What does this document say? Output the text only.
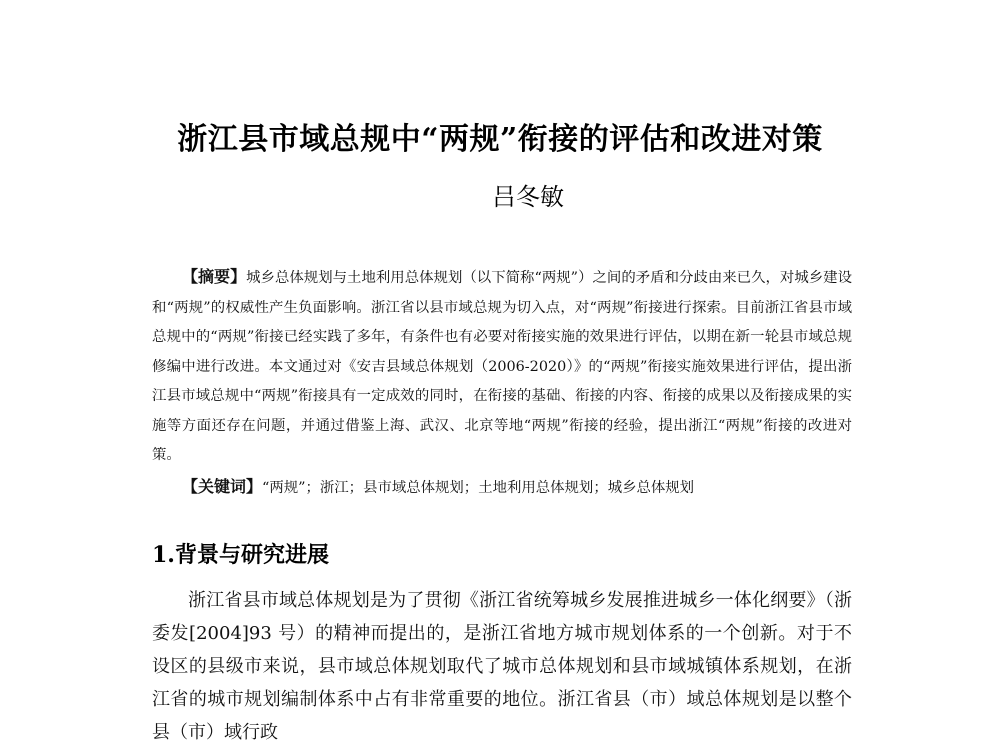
浙江县市域总规中“两规”衔接的评估和改进对策
吕冬敏
【摘要】城乡总体规划与土地利用总体规划（以下简称“两规”）之间的矛盾和分歧由来已久，对城乡建设和“两规”的权威性产生负面影响。浙江省以县市域总规为切入点，对“两规”衔接进行探索。目前浙江省县市域总规中的“两规”衔接已经实践了多年，有条件也有必要对衔接实施的效果进行评估，以期在新一轮县市域总规修编中进行改进。本文通过对《安吉县域总体规划（2006-2020）》的“两规”衔接实施效果进行评估，提出浙江县市域总规中“两规”衔接具有一定成效的同时，在衔接的基础、衔接的内容、衔接的成果以及衔接成果的实施等方面还存在问题，并通过借鉴上海、武汉、北京等地“两规”衔接的经验，提出浙江“两规”衔接的改进对策。
【关键词】“两规”；浙江；县市域总体规划；土地利用总体规划；城乡总体规划
1.背景与研究进展
浙江省县市域总体规划是为了贯彻《浙江省统筹城乡发展推进城乡一体化纲要》（浙委发[2004]93 号）的精神而提出的，是浙江省地方城市规划体系的一个创新。对于不设区的县级市来说，县市域总体规划取代了城市总体规划和县市域城镇体系规划，在浙江省的城市规划编制体系中占有非常重要的地位。浙江省县（市）域总体规划是以整个县（市）域行政
